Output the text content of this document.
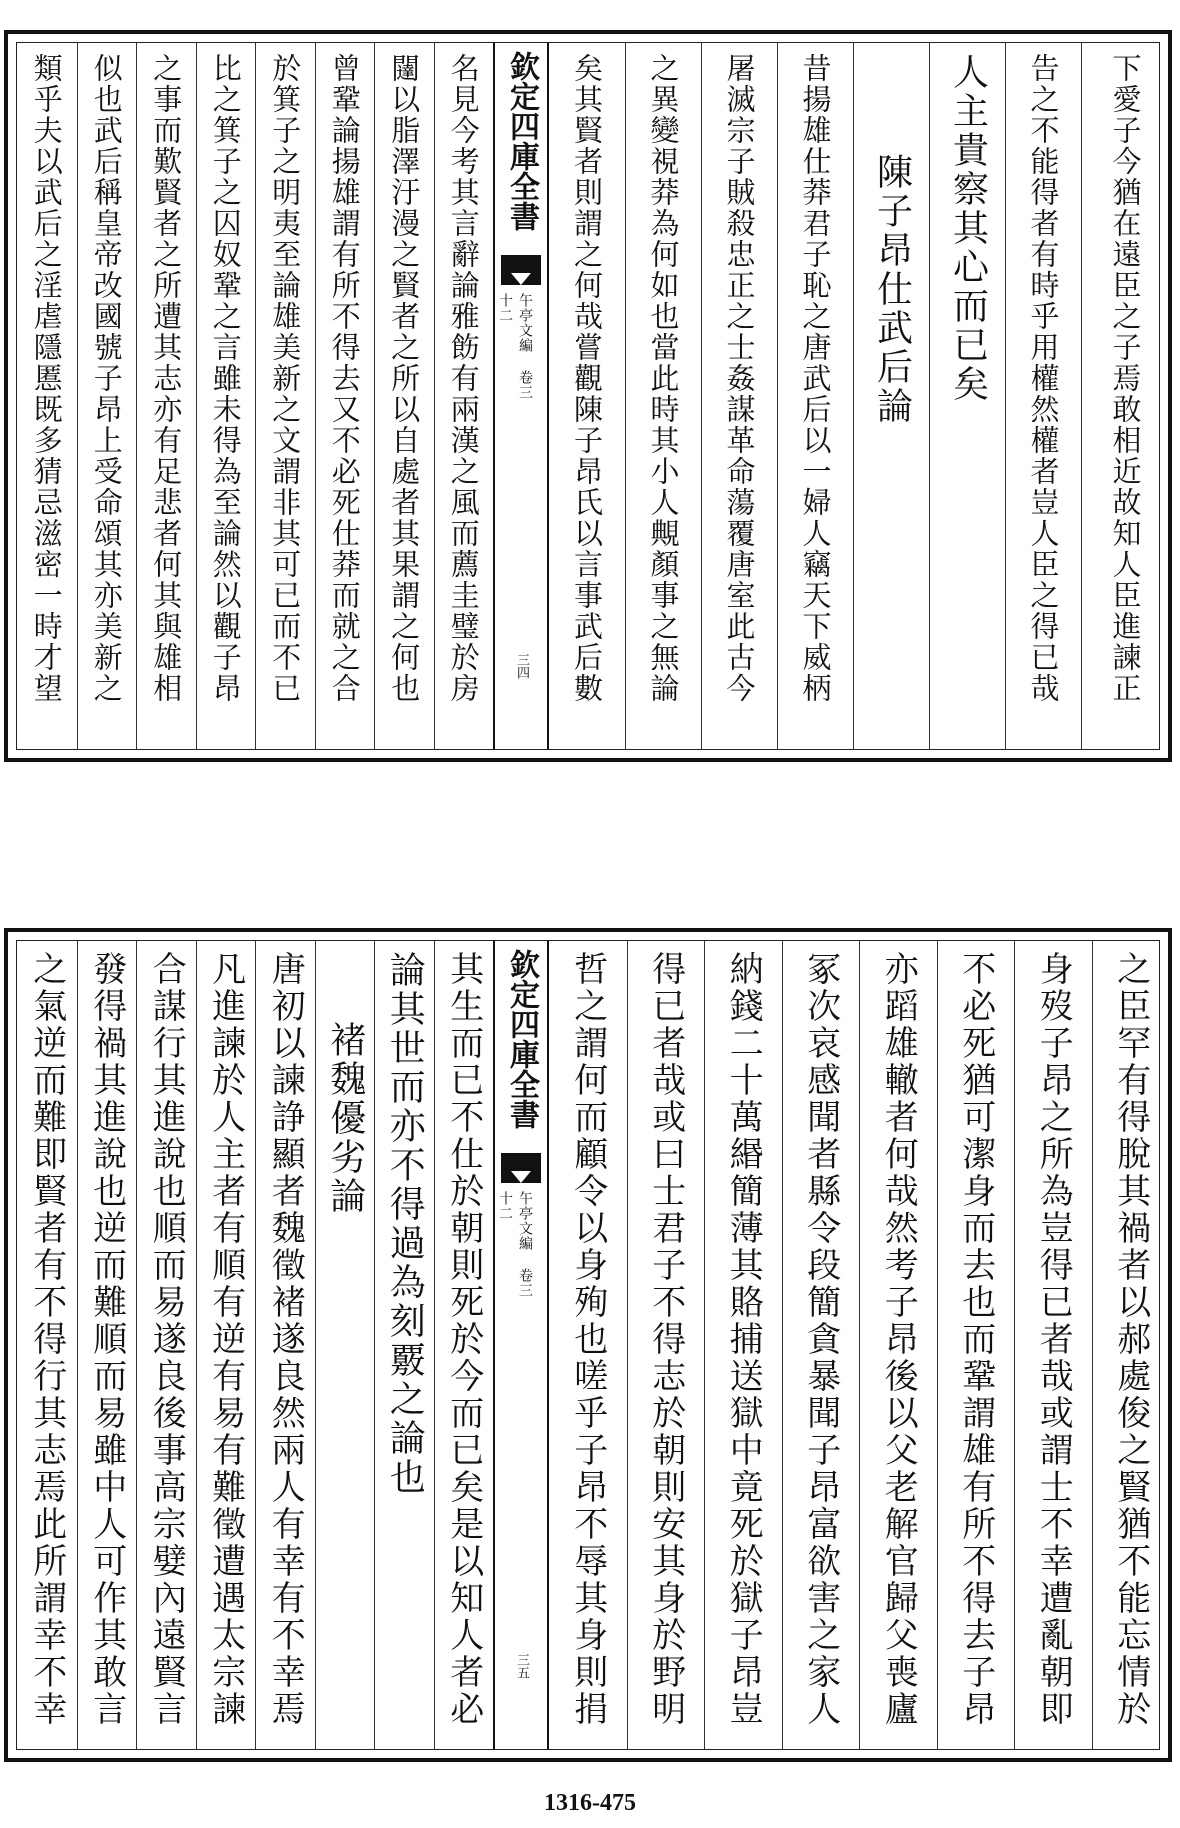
類乎夫以武后之淫虐隱慝既多猜忌滋密一時才望 似也武后稱皇帝改國號子昂上受命頌其亦美新之 之事而歎賢者之所遭其志亦有足悲者何其與雄相 比之箕子之囚奴鞏之言雖未得為至論然以觀子昂 於箕子之明夷至論雄美新之文謂非其可已而不已 曾鞏論揚雄謂有所不得去又不必死仕莽而就之合 闥以脂澤汙漫之賢者之所以自處者其果謂之何也 名見今考其言辭論雅飭有兩漢之風而薦圭璧於房 欽定四庫全書
午亭文編 卷三十二
三四	矣其賢者則謂之何哉嘗觀陳子昂氏以言事武后數	之異變視莽為何如也當此時其小人覥顏事之無論	屠滅宗子賊殺忠正之士姦謀革命蕩覆唐室此古今	昔揚雄仕莽君子恥之唐武后以一婦人竊天下威柄	陳子昂仕武后論 人主貴察其心而已矣	告之不能得者有時乎用權然權者豈人臣之得已哉	下愛子今猶在遠臣之子焉敢相近故知人臣進諫正
之氣逆而難即賢者有不得行其志焉此所謂幸不幸 發得禍其進說也逆而難順而易雖中人可作其敢言 合謀行其進說也順而易遂良後事高宗嬖內遠賢言 凡進諫於人主者有順有逆有易有難徵遭遇太宗諫 唐初以諫諍顯者魏徵褚遂良然兩人有幸有不幸焉 褚魏優劣論 論其世而亦不得過為刻覈之論也 其生而已不仕於朝則死於今而已矣是以知人者必 欽定四庫全書
午亭文編 卷三十二
三五	哲之謂何而顧令以身殉也嗟乎子昂不辱其身則捐	得已者哉或曰士君子不得志於朝則安其身於野明	納錢二十萬緡簡薄其賂捕送獄中竟死於獄子昂豈	冢次哀感聞者縣令段簡貪暴聞子昂富欲害之家人	亦蹈雄轍者何哉然考子昂後以父老解官歸父喪廬	不必死猶可潔身而去也而鞏謂雄有所不得去子昂	身歿子昂之所為豈得已者哉或謂士不幸遭亂朝即	之臣罕有得脫其禍者以郝處俊之賢猶不能忘情於
1316-475
